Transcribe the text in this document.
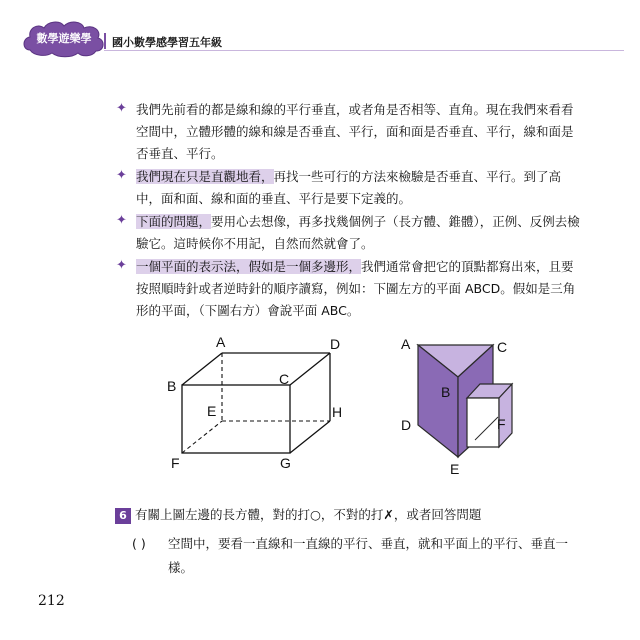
數學遊樂學	國小數學感學習五年級
✦ 我們先前看的都是線和線的平行垂直，或者角是否相等、直角。現在我們來看看空間中，立體形體的線和線是否垂直、平行，面和面是否垂直、平行，線和面是否垂直、平行。
✦ 我們現在只是直觀地看，再找一些可行的方法來檢驗是否垂直、平行。到了高中，面和面、線和面的垂直、平行是要下定義的。
✦ 下面的問題，要用心去想像，再多找幾個例子（長方體、錐體），正例、反例去檢驗它。這時候你不用記，自然而然就會了。
✦ 一個平面的表示法，假如是一個多邊形，我們通常會把它的頂點都寫出來，且要按照順時針或者逆時針的順序讀寫，例如：下圖左方的平面 ABCD。假如是三角形的平面，（下圖右方）會說平面 ABC。
A
B	C
D
E
F	G
H
A
B
C
D
E
F
6 有關上圖左邊的長方體，對的打○，不對的打✗，或者回答問題
( )	空間中，要看一直線和一直線的平行、垂直，就和平面上的平行、垂直一樣。
212
